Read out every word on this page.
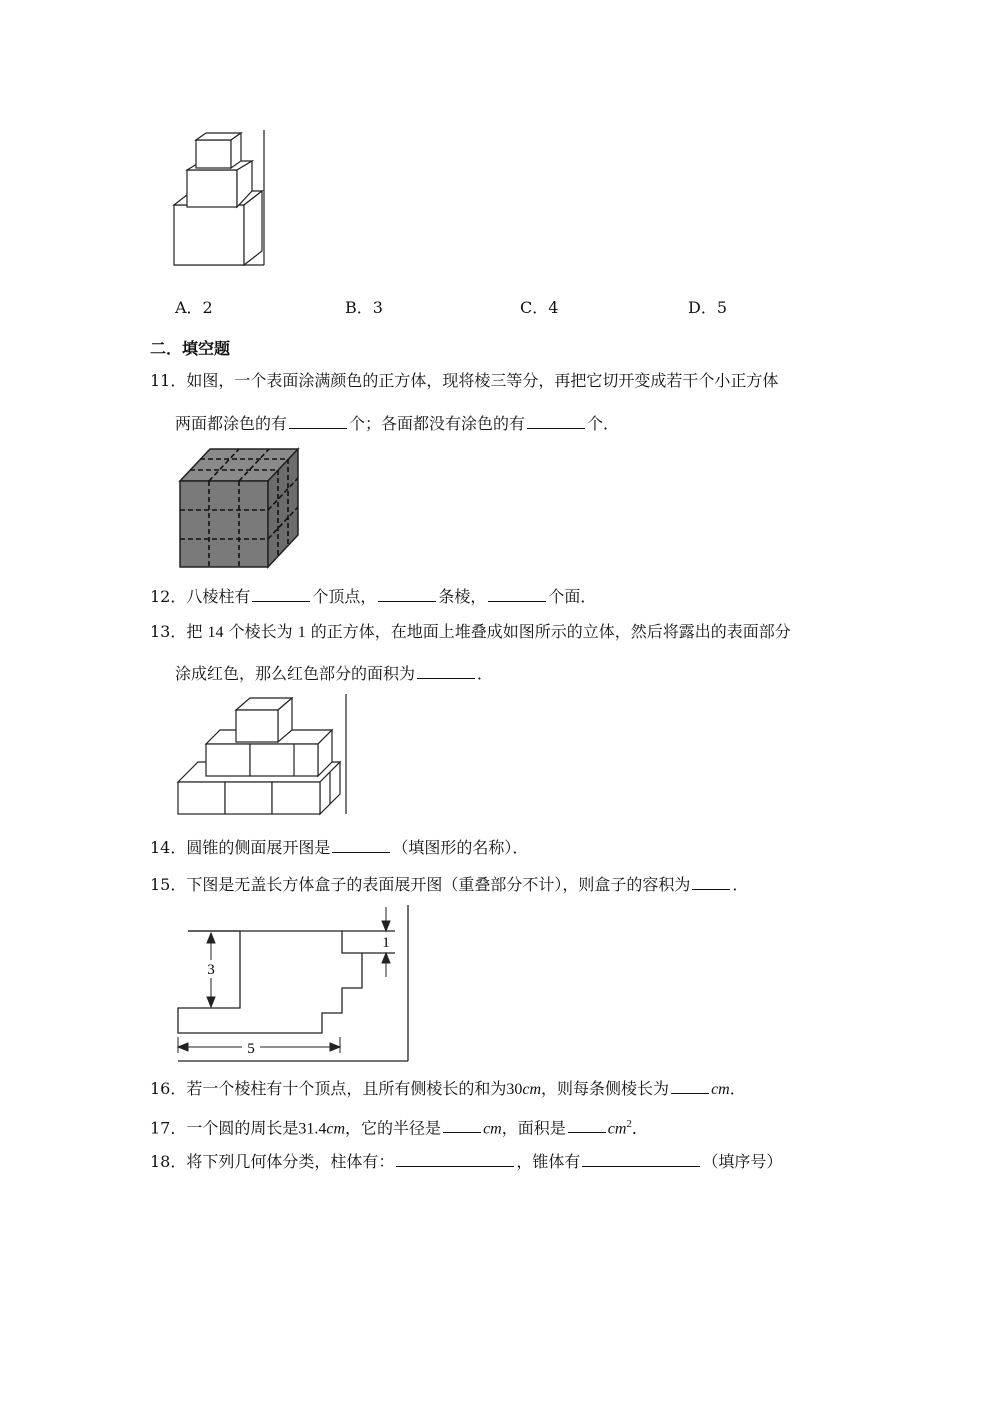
A．2	B．3	C．4	D．5
二．填空题
11．如图，一个表面涂满颜色的正方体，现将棱三等分，再把它切开变成若干个小正方体
两面都涂色的有	个；各面都没有涂色的有	个．
12．八棱柱有	个顶点，	条棱，	个面．
13．把 14 个棱长为 1 的正方体，在地面上堆叠成如图所示的立体，然后将露出的表面部分
涂成红色，那么红色部分的面积为	．
14．圆锥的侧面展开图是	（填图形的名称）．
15．下图是无盖长方体盒子的表面展开图（重叠部分不计），则盒子的容积为	．
3
1
5
16．若一个棱柱有十个顶点，且所有侧棱长的和为30cm，则每条侧棱长为	cm．
17．一个圆的周长是31.4cm，它的半径是	cm，面积是	$cm^2$．
18．将下列几何体分类，柱体有：	，锥体有	（填序号）
